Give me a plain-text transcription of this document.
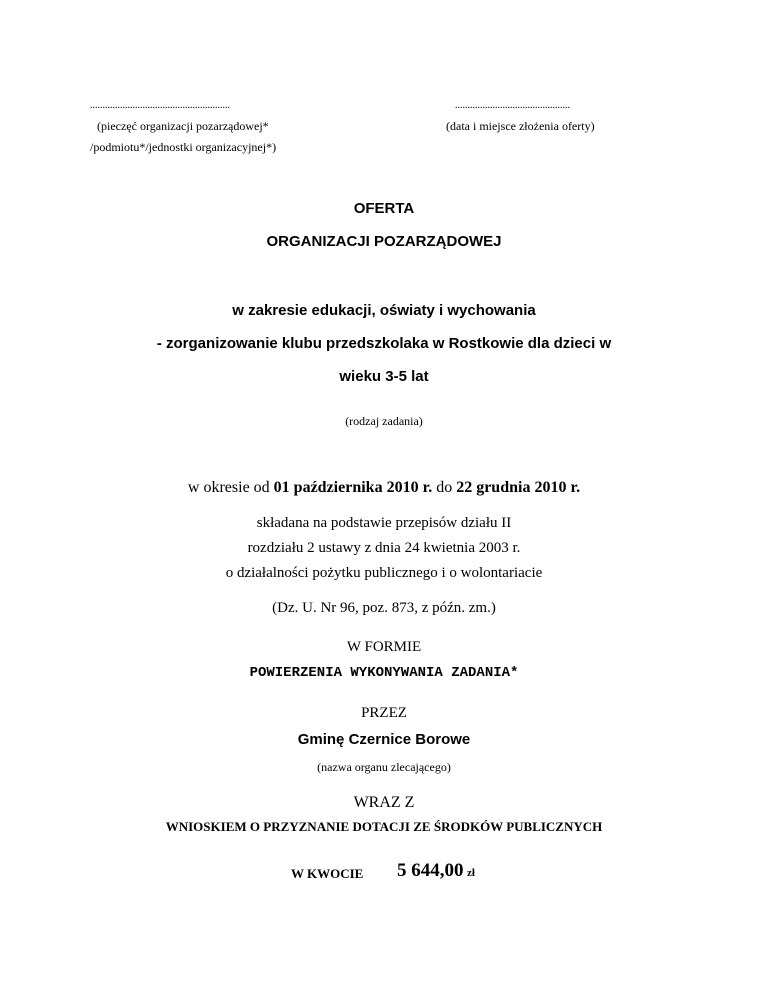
........................................................	..............................................
(pieczęć organizacji pozarządowej*
/podmiotu*/jednostki organizacyjnej*)
(data i miejsce złożenia oferty)
OFERTA
ORGANIZACJI POZARZĄDOWEJ
w zakresie edukacji, oświaty i wychowania
- zorganizowanie klubu przedszkolaka w Rostkowie dla dzieci w
wieku 3-5 lat
(rodzaj zadania)
w okresie od 01 października 2010 r. do 22 grudnia 2010 r.
składana na podstawie przepisów działu II
rozdziału 2 ustawy z dnia 24 kwietnia 2003 r.
o działalności pożytku publicznego i o wolontariacie
(Dz. U. Nr 96, poz. 873, z późn. zm.)
W FORMIE
POWIERZENIA WYKONYWANIA ZADANIA*
PRZEZ
Gminę Czernice Borowe
(nazwa organu zlecającego)
WRAZ Z
WNIOSKIEM O PRZYZNANIE DOTACJI ZE ŚRODKÓW PUBLICZNYCH
W KWOCIE 5 644,00 zł
